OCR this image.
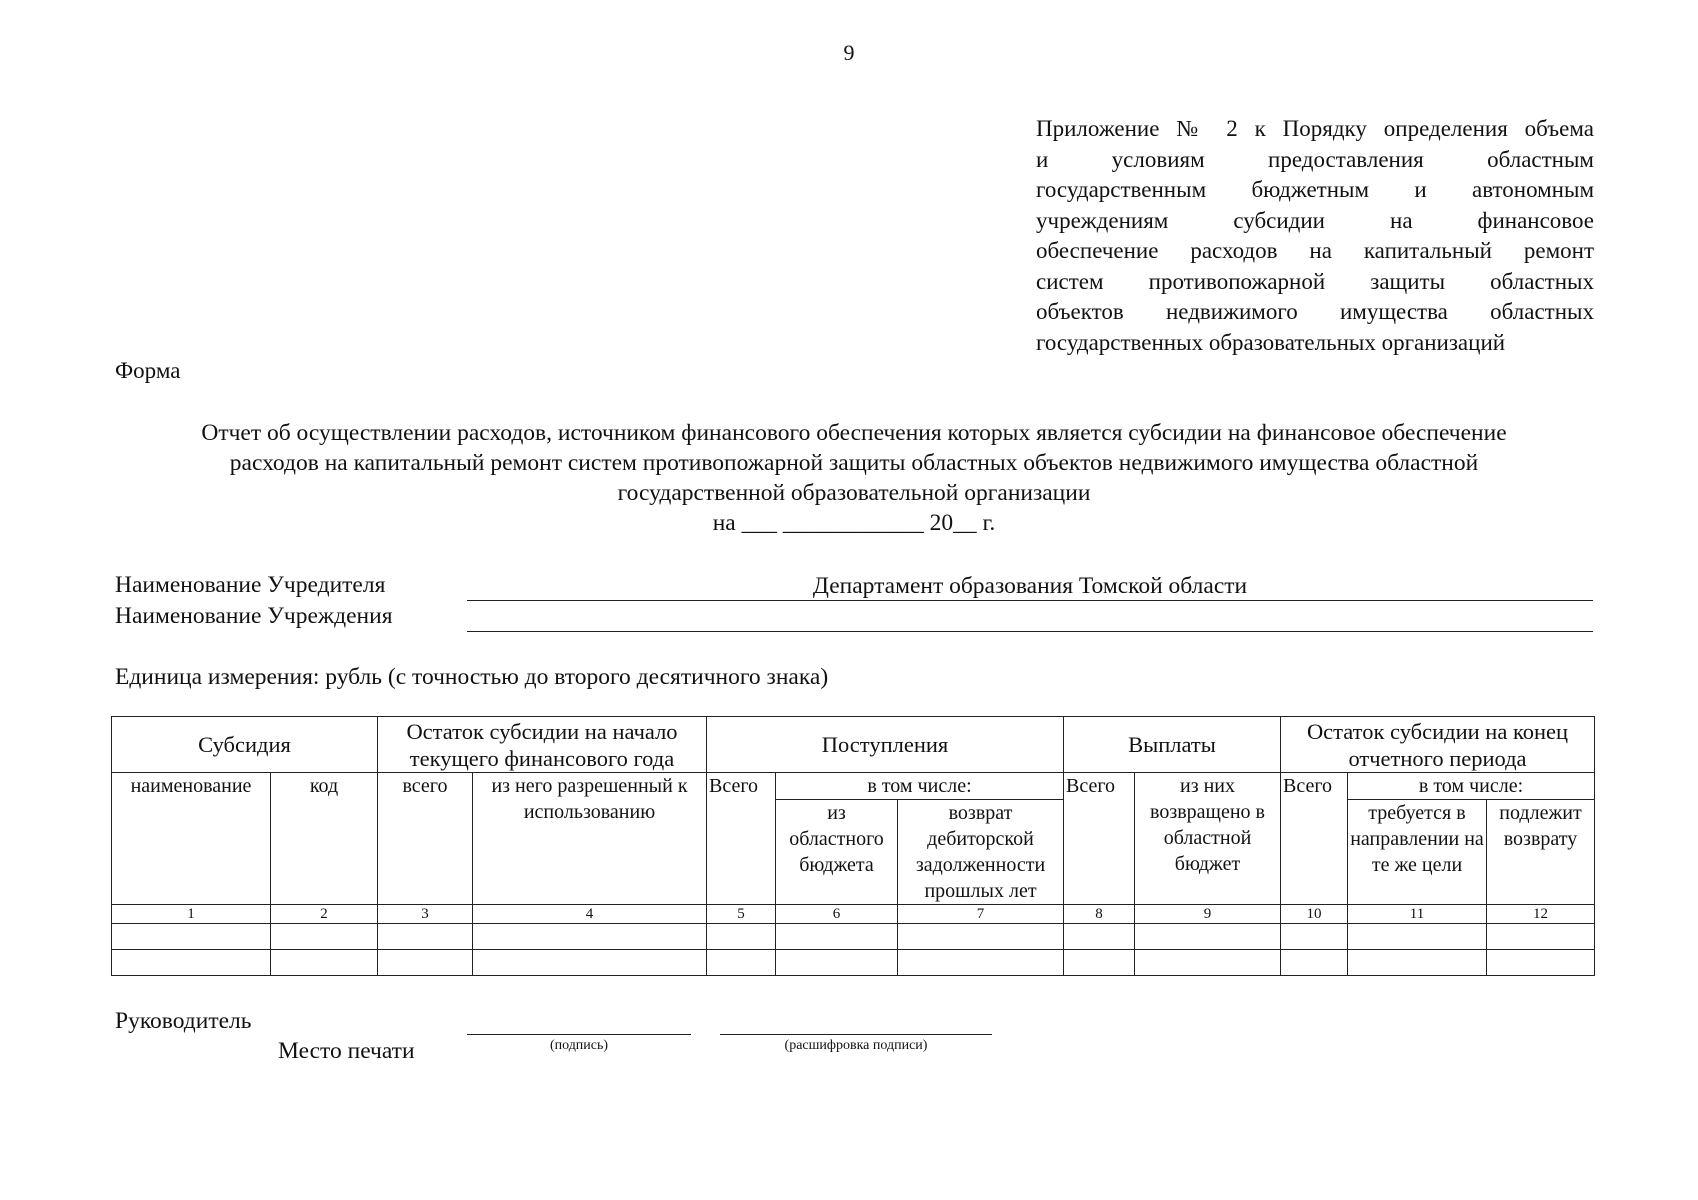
9
Приложение № 2 к Порядку определения объема
и условиям предоставления областным
государственным бюджетным и автономным
учреждениям субсидии на финансовое
обеспечение расходов на капитальный ремонт
систем противопожарной защиты областных
объектов недвижимого имущества областных
государственных образовательных организаций
Форма
Отчет об осуществлении расходов, источником финансового обеспечения которых является субсидии на финансовое обеспечение
расходов на капитальный ремонт систем противопожарной защиты областных объектов недвижимого имущества областной
государственной образовательной организации
на ___ ____________ 20__ г.
Наименование Учредителя	Департамент образования Томской области
Наименование Учреждения
Единица измерения: рубль (с точностью до второго десятичного знака)
Субсидия		Остаток субсидии на начало текущего финансового года		Поступления			Выплаты		Остаток субсидии на конец отчетного периода		
наименование	код	всего	из него разрешенный к использованию	Всего	в том числе:		Всего	из них возвращено в областной бюджет	Всего	в том числе:	
					из областного бюджета	возврат дебиторской задолженности прошлых лет				требуется в направлении на те же цели	подлежит возврату
1	2	3	4	5	6	7	8	9	10	11	12

Руководитель
Место печати	(подпись)	(расшифровка подписи)
